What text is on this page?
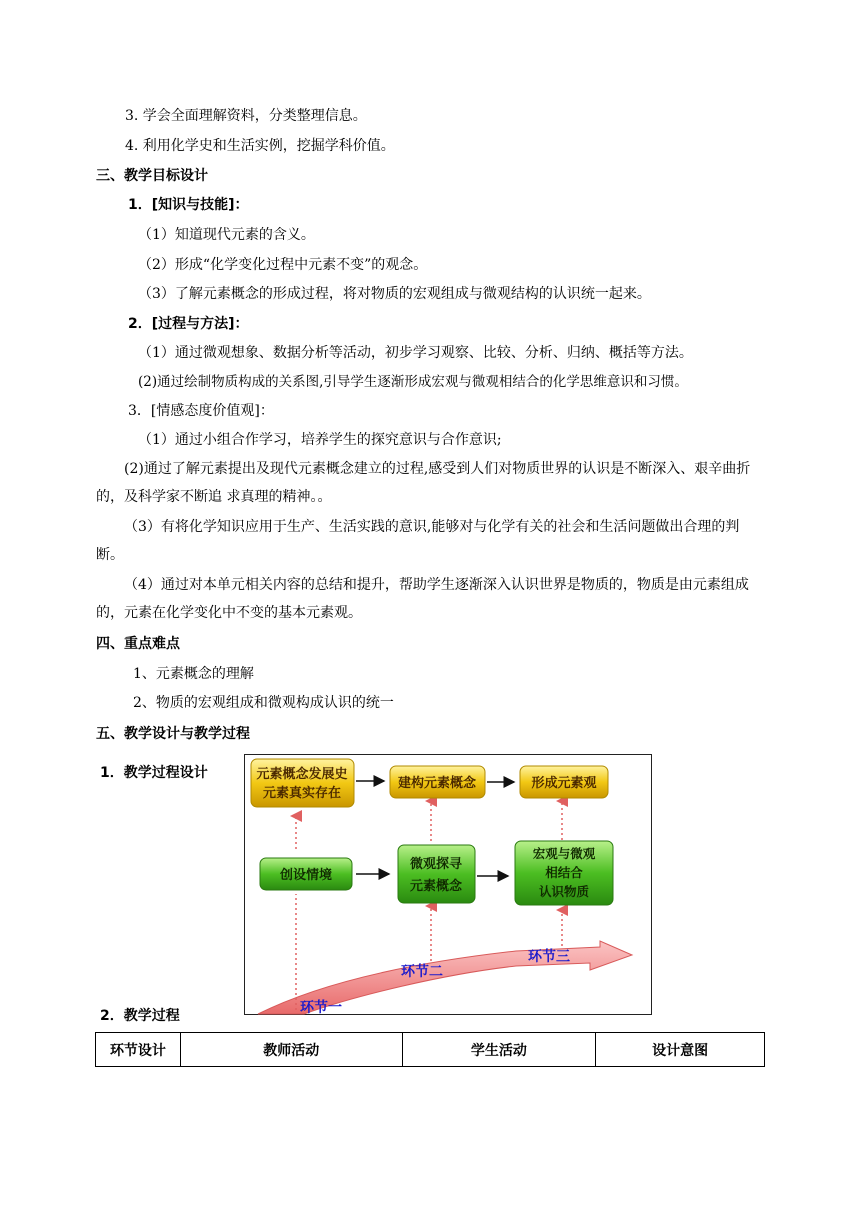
3. 学会全面理解资料，分类整理信息。
4. 利用化学史和生活实例，挖掘学科价值。
三、教学目标设计
1．[知识与技能]：
（1）知道现代元素的含义。
（2）形成“化学变化过程中元素不变”的观念。
（3）了解元素概念的形成过程，将对物质的宏观组成与微观结构的认识统一起来。
2．[过程与方法]：
（1）通过微观想象、数据分析等活动，初步学习观察、比较、分析、归纳、概括等方法。
(2)通过绘制物质构成的关系图,引导学生逐渐形成宏观与微观相结合的化学思维意识和习惯。
3．[情感态度价值观]：
（1）通过小组合作学习，培养学生的探究意识与合作意识;
(2)通过了解元素提出及现代元素概念建立的过程,感受到人们对物质世界的认识是不断深入、艰辛曲折的，及科学家不断追 求真理的精神。。
（3）有将化学知识应用于生产、生活实践的意识,能够对与化学有关的社会和生活问题做出合理的判断。
（4）通过对本单元相关内容的总结和提升，帮助学生逐渐深入认识世界是物质的，物质是由元素组成的，元素在化学变化中不变的基本元素观。
四、重点难点
1、元素概念的理解
2、物质的宏观组成和微观构成认识的统一
五、教学设计与教学过程
1．教学过程设计	元素概念发展史
元素真实存在
建构元素概念	形成元素观
创设情境
微观探寻
元素概念
宏观与微观
相结合
认识物质
环节一
环节二
环节三
2．教学过程
环节设计	教师活动	学生活动	设计意图
